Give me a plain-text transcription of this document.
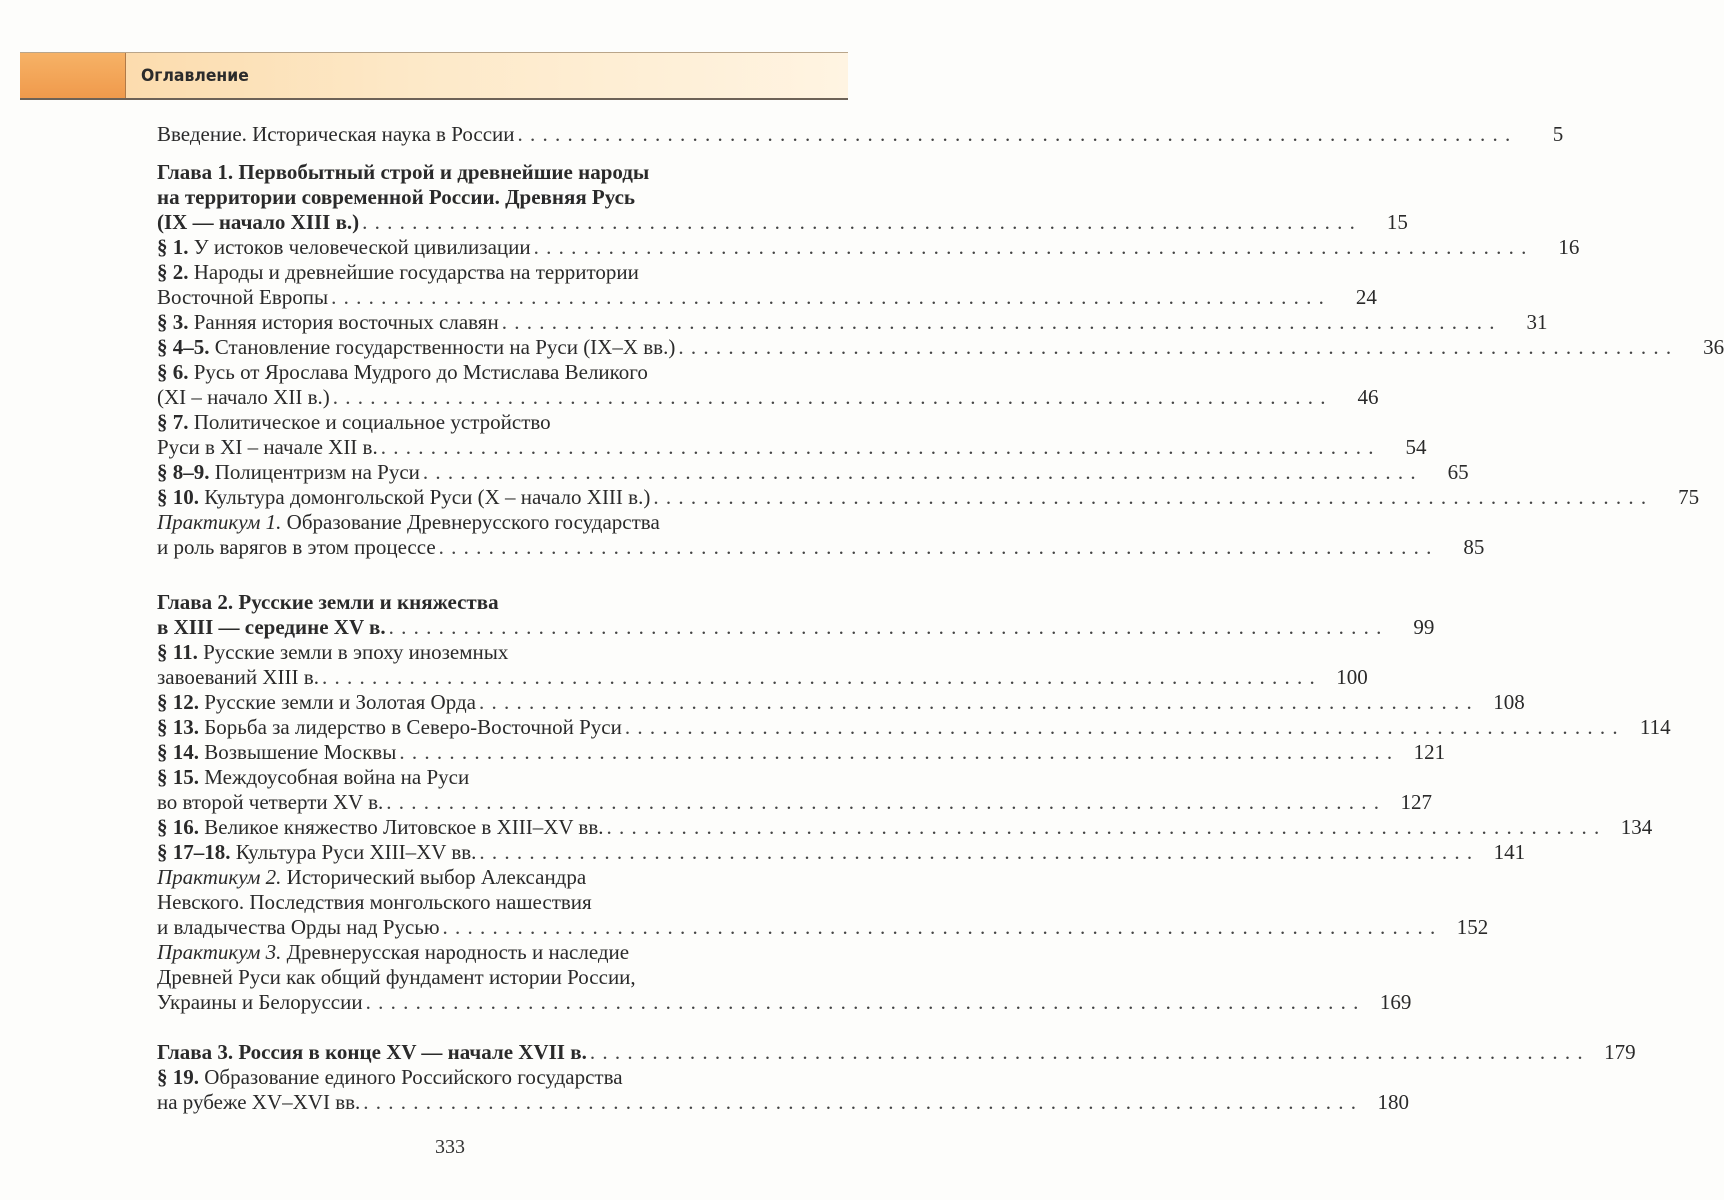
Оглавление
Введение. Историческая наука в России . . . . . . . . . . . . . . . . . . . . . . . . . . . . . . . . . . . . . . . . . . . . . . . . . . . . . . . . . . . . . . . . . . . . . . . . . . . . . . . .	5
Глава 1. Первобытный строй и древнейшие народы
на территории современной России. Древняя Русь
(IX — начало XIII в.) . . . . . . . . . . . . . . . . . . . . . . . . . . . . . . . . . . . . . . . . . . . . . . . . . . . . . . . . . . . . . . . . . . . . . . . . . . . . . . . .	15
§ 1. У истоков человеческой цивилизации . . . . . . . . . . . . . . . . . . . . . . . . . . . . . . . . . . . . . . . . . . . . . . . . . . . . . . . . . . . . . . . . . . . . . . . . . . . . . . . .	16
§ 2. Народы и древнейшие государства на территории
Восточной Европы . . . . . . . . . . . . . . . . . . . . . . . . . . . . . . . . . . . . . . . . . . . . . . . . . . . . . . . . . . . . . . . . . . . . . . . . . . . . . . . .	24
§ 3. Ранняя история восточных славян . . . . . . . . . . . . . . . . . . . . . . . . . . . . . . . . . . . . . . . . . . . . . . . . . . . . . . . . . . . . . . . . . . . . . . . . . . . . . . . .	31
§ 4–5. Становление государственности на Руси (IX–X вв.) . . . . . . . . . . . . . . . . . . . . . . . . . . . . . . . . . . . . . . . . . . . . . . . . . . . . . . . . . . . . . . . . . . . . . . . . . . . . . . . .	36
§ 6. Русь от Ярослава Мудрого до Мстислава Великого
(XI – начало XII в.) . . . . . . . . . . . . . . . . . . . . . . . . . . . . . . . . . . . . . . . . . . . . . . . . . . . . . . . . . . . . . . . . . . . . . . . . . . . . . . . .	46
§ 7. Политическое и социальное устройство
Руси в XI – начале XII в. . . . . . . . . . . . . . . . . . . . . . . . . . . . . . . . . . . . . . . . . . . . . . . . . . . . . . . . . . . . . . . . . . . . . . . . . . . . . . . . .	54
§ 8–9. Полицентризм на Руси . . . . . . . . . . . . . . . . . . . . . . . . . . . . . . . . . . . . . . . . . . . . . . . . . . . . . . . . . . . . . . . . . . . . . . . . . . . . . . . .	65
§ 10. Культура домонгольской Руси (X – начало XIII в.) . . . . . . . . . . . . . . . . . . . . . . . . . . . . . . . . . . . . . . . . . . . . . . . . . . . . . . . . . . . . . . . . . . . . . . . . . . . . . . . .	75
Практикум 1. Образование Древнерусского государства
и роль варягов в этом процессе . . . . . . . . . . . . . . . . . . . . . . . . . . . . . . . . . . . . . . . . . . . . . . . . . . . . . . . . . . . . . . . . . . . . . . . . . . . . . . . .	85
Глава 2. Русские земли и княжества
в XIII — середине XV в. . . . . . . . . . . . . . . . . . . . . . . . . . . . . . . . . . . . . . . . . . . . . . . . . . . . . . . . . . . . . . . . . . . . . . . . . . . . . . . . .	99
§ 11. Русские земли в эпоху иноземных
завоеваний XIII в. . . . . . . . . . . . . . . . . . . . . . . . . . . . . . . . . . . . . . . . . . . . . . . . . . . . . . . . . . . . . . . . . . . . . . . . . . . . . . . . . 100
§ 12. Русские земли и Золотая Орда . . . . . . . . . . . . . . . . . . . . . . . . . . . . . . . . . . . . . . . . . . . . . . . . . . . . . . . . . . . . . . . . . . . . . . . . . . . . . . . . 108
§ 13. Борьба за лидерство в Северо-Восточной Руси . . . . . . . . . . . . . . . . . . . . . . . . . . . . . . . . . . . . . . . . . . . . . . . . . . . . . . . . . . . . . . . . . . . . . . . . . . . . . . . .	114
§ 14. Возвышение Москвы . . . . . . . . . . . . . . . . . . . . . . . . . . . . . . . . . . . . . . . . . . . . . . . . . . . . . . . . . . . . . . . . . . . . . . . . . . . . . . . . 121
§ 15. Междоусобная война на Руси
во второй четверти XV в. . . . . . . . . . . . . . . . . . . . . . . . . . . . . . . . . . . . . . . . . . . . . . . . . . . . . . . . . . . . . . . . . . . . . . . . . . . . . . . . . 127
§ 16. Великое княжество Литовское в XIII–XV вв. . . . . . . . . . . . . . . . . . . . . . . . . . . . . . . . . . . . . . . . . . . . . . . . . . . . . . . . . . . . . . . . . . . . . . . . . . . . . . . . . 134
§ 17–18. Культура Руси XIII–XV вв. . . . . . . . . . . . . . . . . . . . . . . . . . . . . . . . . . . . . . . . . . . . . . . . . . . . . . . . . . . . . . . . . . . . . . . . . . . . . . . . . 141
Практикум 2. Исторический выбор Александра
Невского. Последствия монгольского нашествия
и владычества Орды над Русью . . . . . . . . . . . . . . . . . . . . . . . . . . . . . . . . . . . . . . . . . . . . . . . . . . . . . . . . . . . . . . . . . . . . . . . . . . . . . . . . 152
Практикум 3. Древнерусская народность и наследие
Древней Руси как общий фундамент истории России,
Украины и Белоруссии . . . . . . . . . . . . . . . . . . . . . . . . . . . . . . . . . . . . . . . . . . . . . . . . . . . . . . . . . . . . . . . . . . . . . . . . . . . . . . . . 169
Глава 3. Россия в конце XV — начале XVII в. . . . . . . . . . . . . . . . . . . . . . . . . . . . . . . . . . . . . . . . . . . . . . . . . . . . . . . . . . . . . . . . . . . . . . . . . . . . . . . . . 179
§ 19. Образование единого Российского государства
на рубеже XV–XVI вв. . . . . . . . . . . . . . . . . . . . . . . . . . . . . . . . . . . . . . . . . . . . . . . . . . . . . . . . . . . . . . . . . . . . . . . . . . . . . . . . . 180
333
